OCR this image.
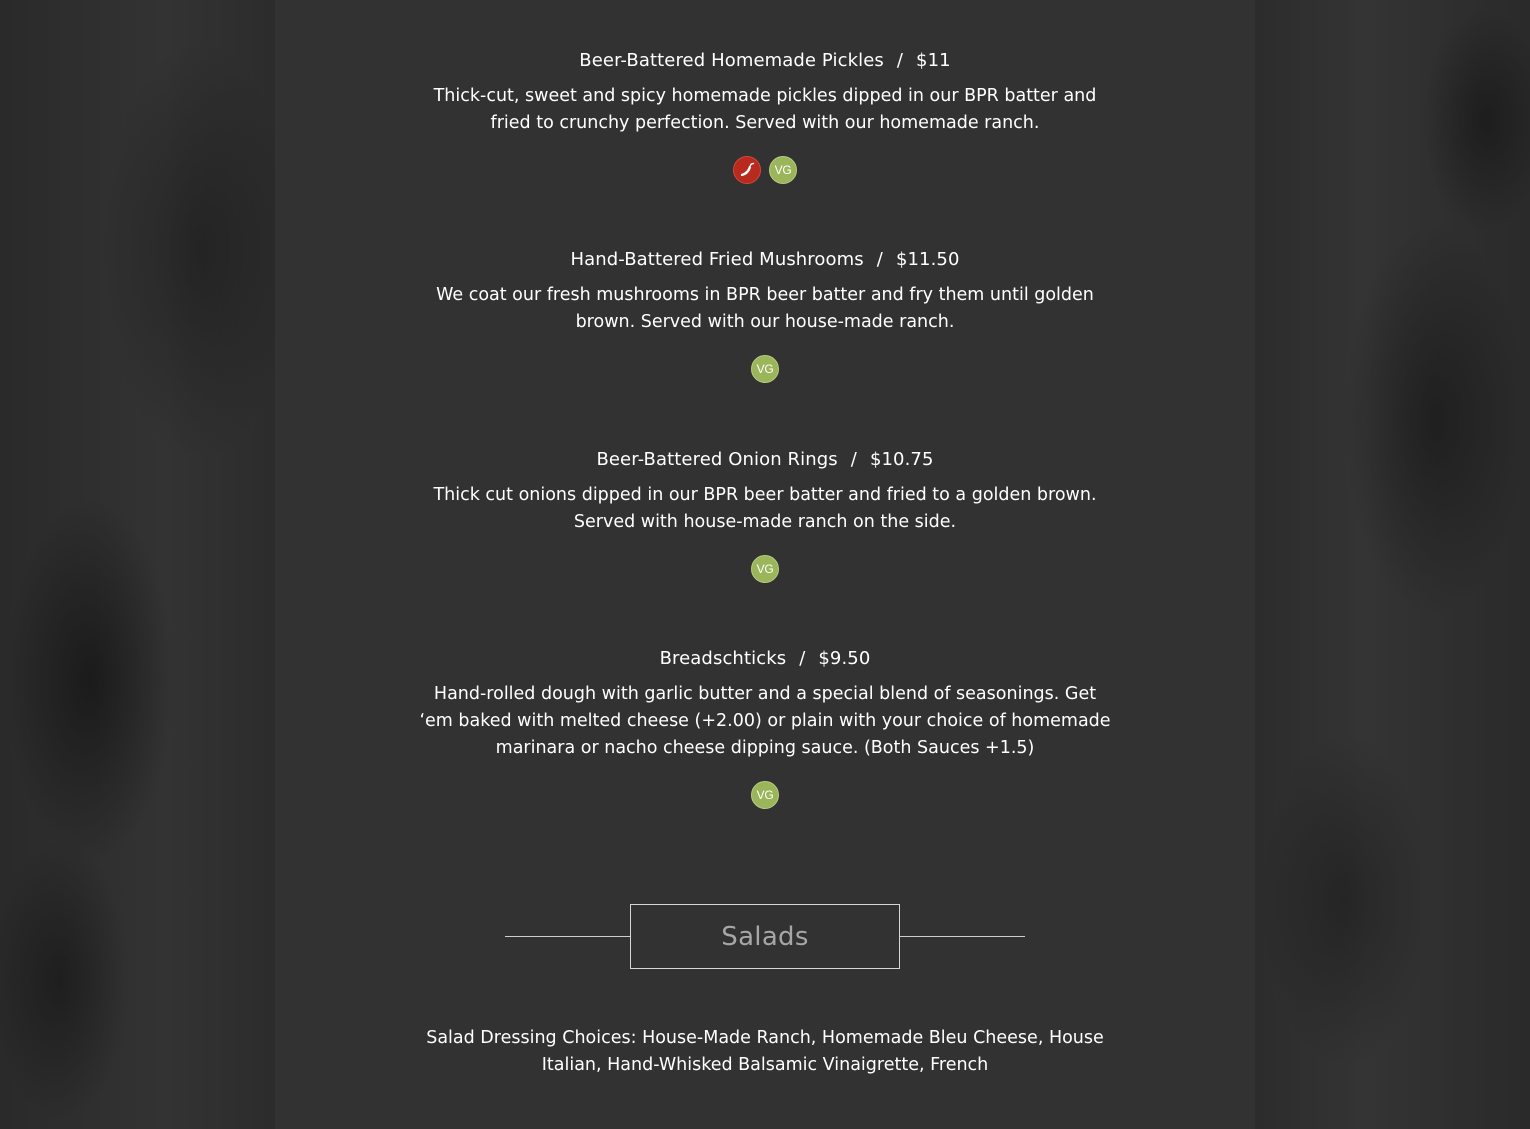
Beer-Battered Homemade Pickles / $11

Thick-cut, sweet and spicy homemade pickles dipped in our BPR batter and fried to crunchy perfection. Served with our homemade ranch.

VG
Hand-Battered Fried Mushrooms / $11.50

We coat our fresh mushrooms in BPR beer batter and fry them until golden brown. Served with our house-made ranch.

VG
Beer-Battered Onion Rings / $10.75

Thick cut onions dipped in our BPR beer batter and fried to a golden brown. Served with house-made ranch on the side.

VG
Breadschticks / $9.50

Hand-rolled dough with garlic butter and a special blend of seasonings. Get ‘em baked with melted cheese (+2.00) or plain with your choice of homemade marinara or nacho cheese dipping sauce. (Both Sauces +1.5)

VG
Salads

Salad Dressing Choices: House-Made Ranch, Homemade Bleu Cheese, House Italian, Hand-Whisked Balsamic Vinaigrette, French
